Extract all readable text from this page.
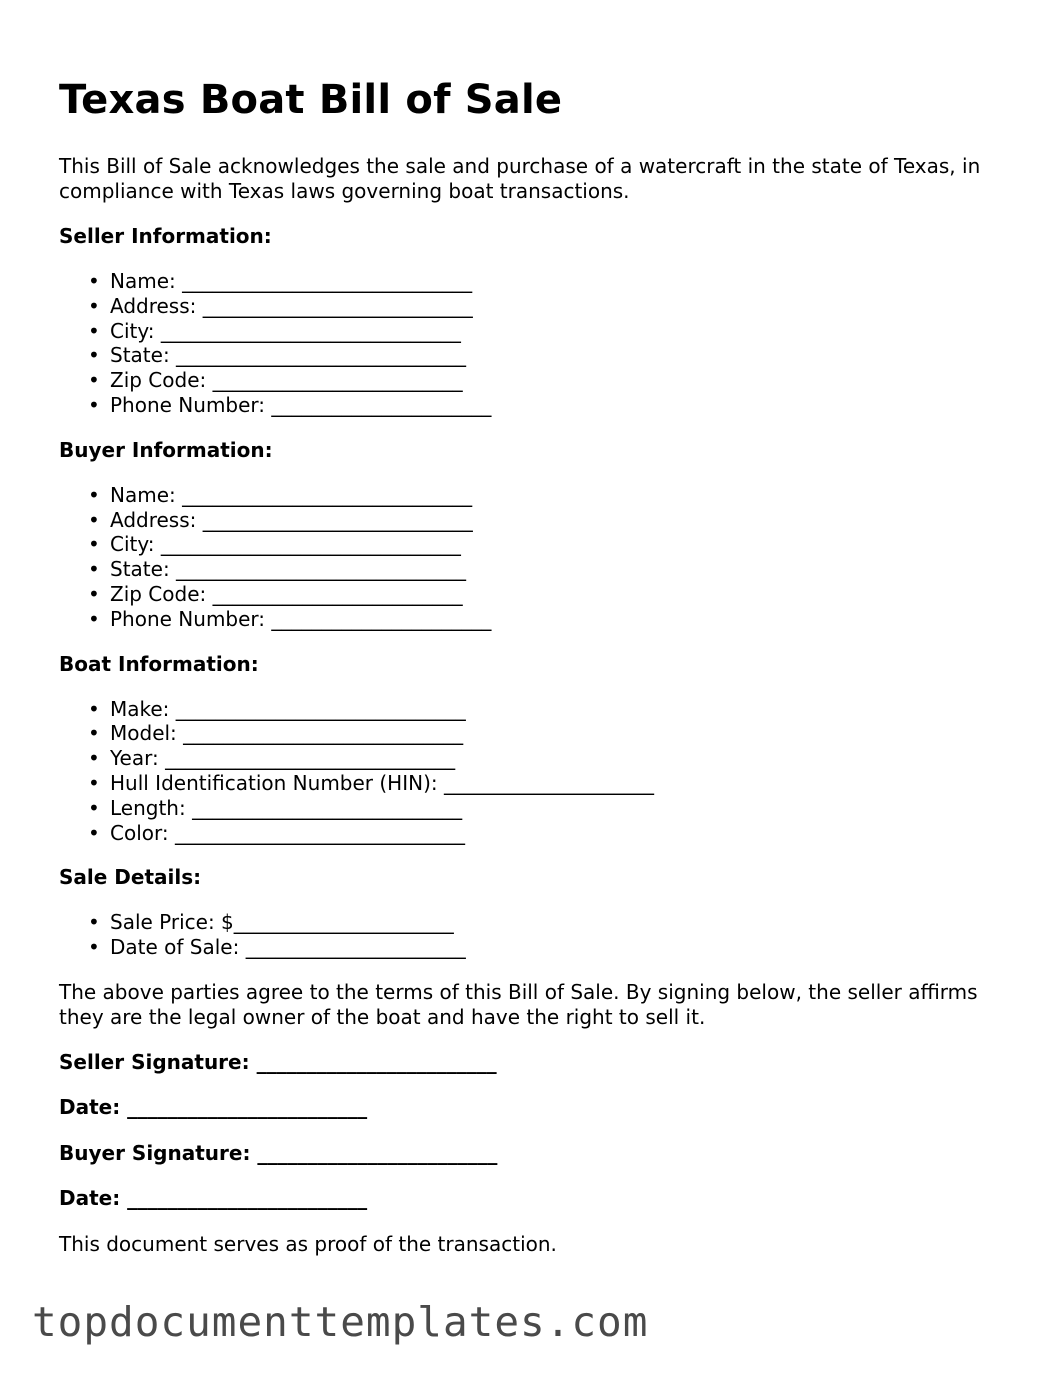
Texas Boat Bill of Sale

This Bill of Sale acknowledges the sale and purchase of a watercraft in the state of Texas, in compliance with Texas laws governing boat transactions.

Seller Information:
• Name: _____________________________
• Address: ___________________________
• City: ______________________________
• State: _____________________________
• Zip Code: _________________________
• Phone Number: ______________________
Buyer Information:
• Name: _____________________________
• Address: ___________________________
• City: ______________________________
• State: _____________________________
• Zip Code: _________________________
• Phone Number: ______________________
Boat Information:
• Make: _____________________________
• Model: ____________________________
• Year: _____________________________
• Hull Identification Number (HIN): _____________________
• Length: ___________________________
• Color: _____________________________
Sale Details:
• Sale Price: $______________________
• Date of Sale: ______________________

The above parties agree to the terms of this Bill of Sale. By signing below, the seller affirms they are the legal owner of the boat and have the right to sell it.

Seller Signature: ________________________
Date: ________________________
Buyer Signature: ________________________
Date: ________________________

This document serves as proof of the transaction.

topdocumenttemplates.com
